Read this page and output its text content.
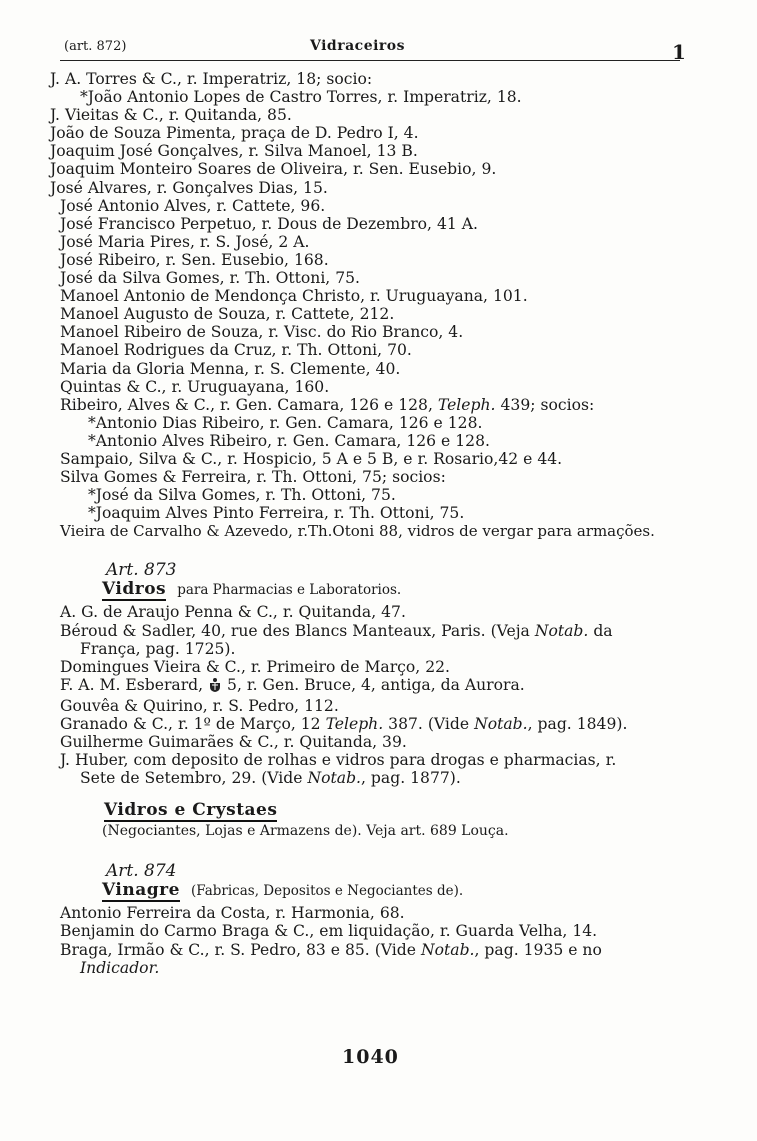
(art. 872)	Vidraceiros	1
J. A. Torres & C., r. Imperatriz, 18; socio:
*João Antonio Lopes de Castro Torres, r. Imperatriz, 18.
J. Vieitas & C., r. Quitanda, 85.
João de Souza Pimenta, praça de D. Pedro I, 4.
Joaquim José Gonçalves, r. Silva Manoel, 13 B.
Joaquim Monteiro Soares de Oliveira, r. Sen. Eusebio, 9.
José Alvares, r. Gonçalves Dias, 15.
José Antonio Alves, r. Cattete, 96.
José Francisco Perpetuo, r. Dous de Dezembro, 41 A.
José Maria Pires, r. S. José, 2 A.
José Ribeiro, r. Sen. Eusebio, 168.
José da Silva Gomes, r. Th. Ottoni, 75.
Manoel Antonio de Mendonça Christo, r. Uruguayana, 101.
Manoel Augusto de Souza, r. Cattete, 212.
Manoel Ribeiro de Souza, r. Visc. do Rio Branco, 4.
Manoel Rodrigues da Cruz, r. Th. Ottoni, 70.
Maria da Gloria Menna, r. S. Clemente, 40.
Quintas & C., r. Uruguayana, 160.
Ribeiro, Alves & C., r. Gen. Camara, 126 e 128, Teleph. 439; socios:
*Antonio Dias Ribeiro, r. Gen. Camara, 126 e 128.
*Antonio Alves Ribeiro, r. Gen. Camara, 126 e 128.
Sampaio, Silva & C., r. Hospicio, 5 A e 5 B, e r. Rosario,42 e 44.
Silva Gomes & Ferreira, r. Th. Ottoni, 75; socios:
*José da Silva Gomes, r. Th. Ottoni, 75.
*Joaquim Alves Pinto Ferreira, r. Th. Ottoni, 75.
Vieira de Carvalho & Azevedo, r.Th.Otoni 88, vidros de vergar para armações.
Art. 873
Vidros para Pharmacias e Laboratorios.
A. G. de Araujo Penna & C., r. Quitanda, 47.
Béroud & Sadler, 40, rue des Blancs Manteaux, Paris. (Veja Notab. da
França, pag. 1725).
Domingues Vieira & C., r. Primeiro de Março, 22.
F. A. M. Esberard, 5, r. Gen. Bruce, 4, antiga, da Aurora.
Gouvêa & Quirino, r. S. Pedro, 112.
Granado & C., r. 1º de Março, 12 Teleph. 387. (Vide Notab., pag. 1849).
Guilherme Guimarães & C., r. Quitanda, 39.
J. Huber, com deposito de rolhas e vidros para drogas e pharmacias, r.
Sete de Setembro, 29. (Vide Notab., pag. 1877).
Vidros e Crystaes
(Negociantes, Lojas e Armazens de). Veja art. 689 Louça.
Art. 874
Vinagre (Fabricas, Depositos e Negociantes de).
Antonio Ferreira da Costa, r. Harmonia, 68.
Benjamin do Carmo Braga & C., em liquidação, r. Guarda Velha, 14.
Braga, Irmão & C., r. S. Pedro, 83 e 85. (Vide Notab., pag. 1935 e no
Indicador.
1040
